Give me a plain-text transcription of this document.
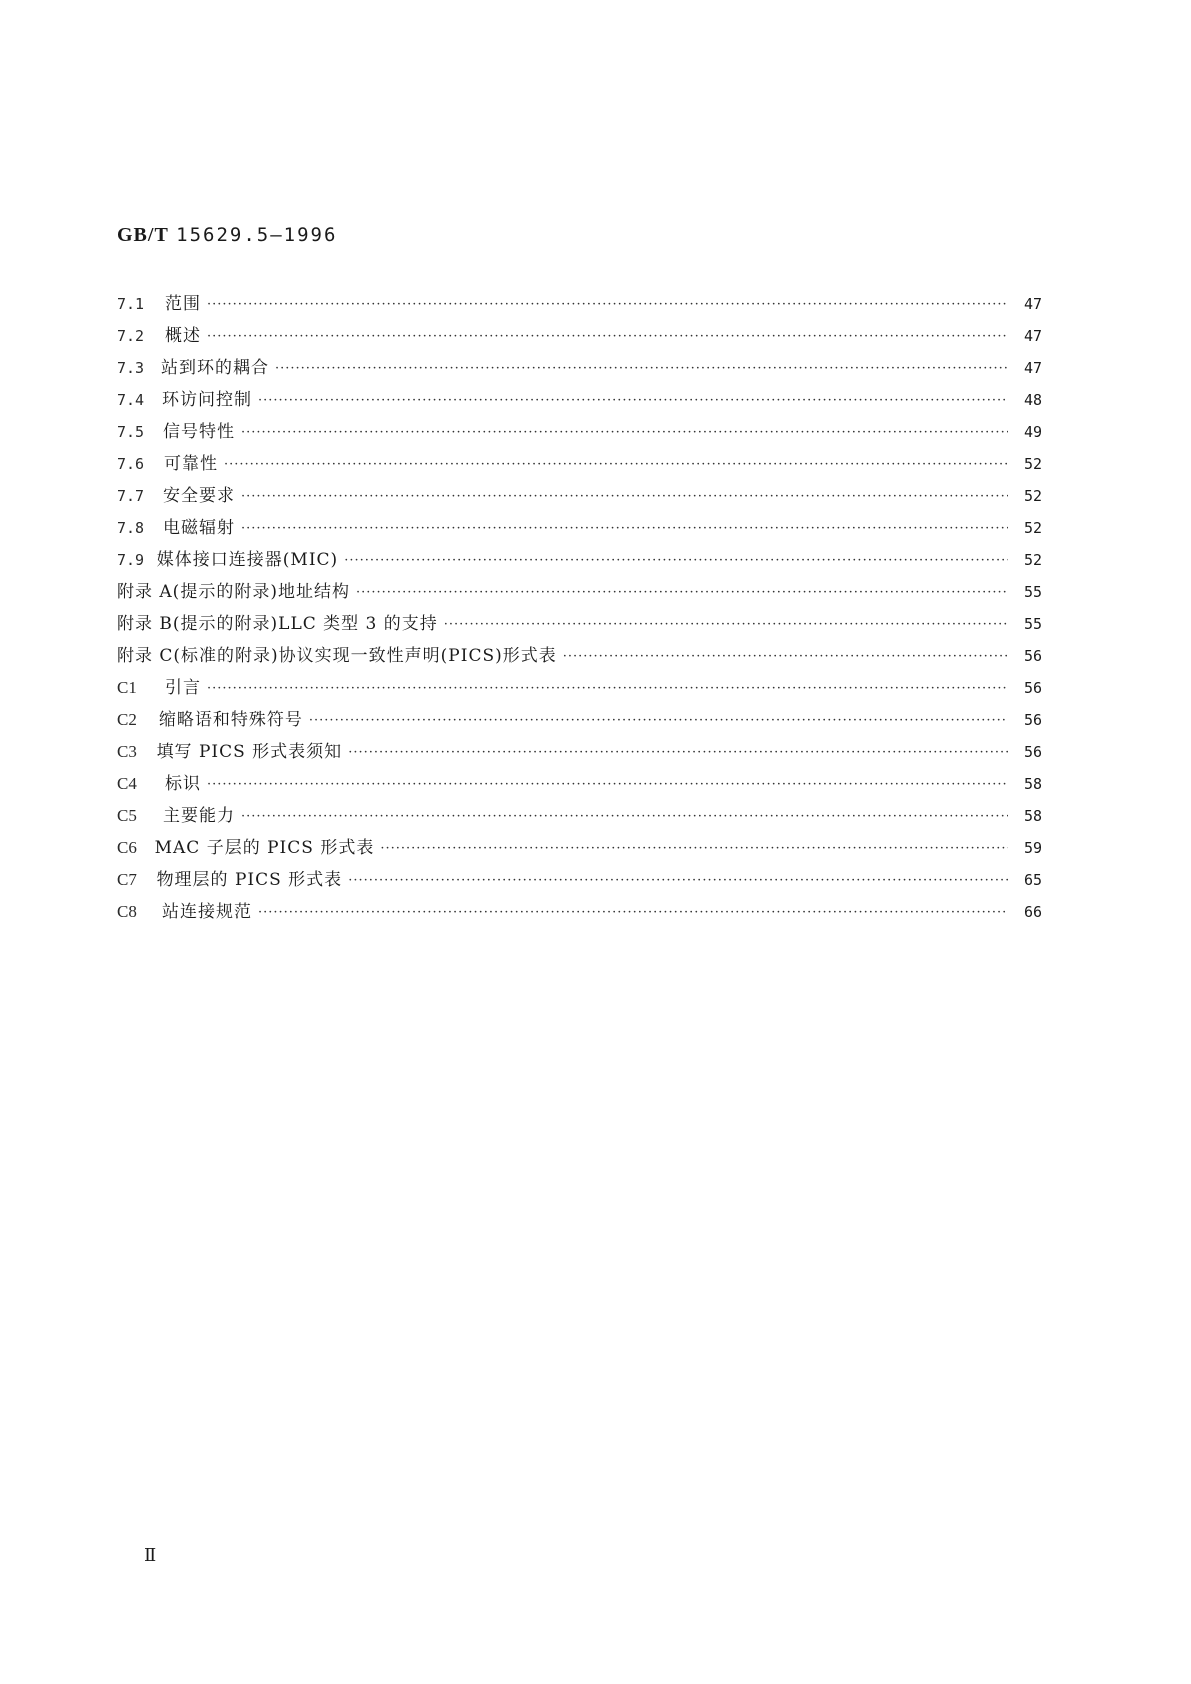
GB/T 15629.5—1996
7.1	范围 ·····	47
7.2	概述 ·····	47
7.3 站到环的耦合 ·····	47
7.4	环访问控制 ·····	48
7.5	信号特性 ·····	49
7.6	可靠性 ·····	52
7.7	安全要求 ·····	52
7.8	电磁辐射 ·····	52
7.9 媒体接口连接器(MIC) ·····	52
附录 A(提示的附录)地址结构 ·····	55
附录 B(提示的附录)LLC 类型 3 的支持 ·····	55
附录 C(标准的附录)协议实现一致性声明(PICS)形式表 ·····	56
C1	引言 ·····	56
C2	缩略语和特殊符号 ·····	56
C3	填写 PICS 形式表须知 ·····	56
C4	标识 ·····	58
C5	主要能力 ·····	58
C6	MAC 子层的 PICS 形式表 ·····	59
C7	物理层的 PICS 形式表 ·····	65
C8	站连接规范 ·····	66
Ⅱ
